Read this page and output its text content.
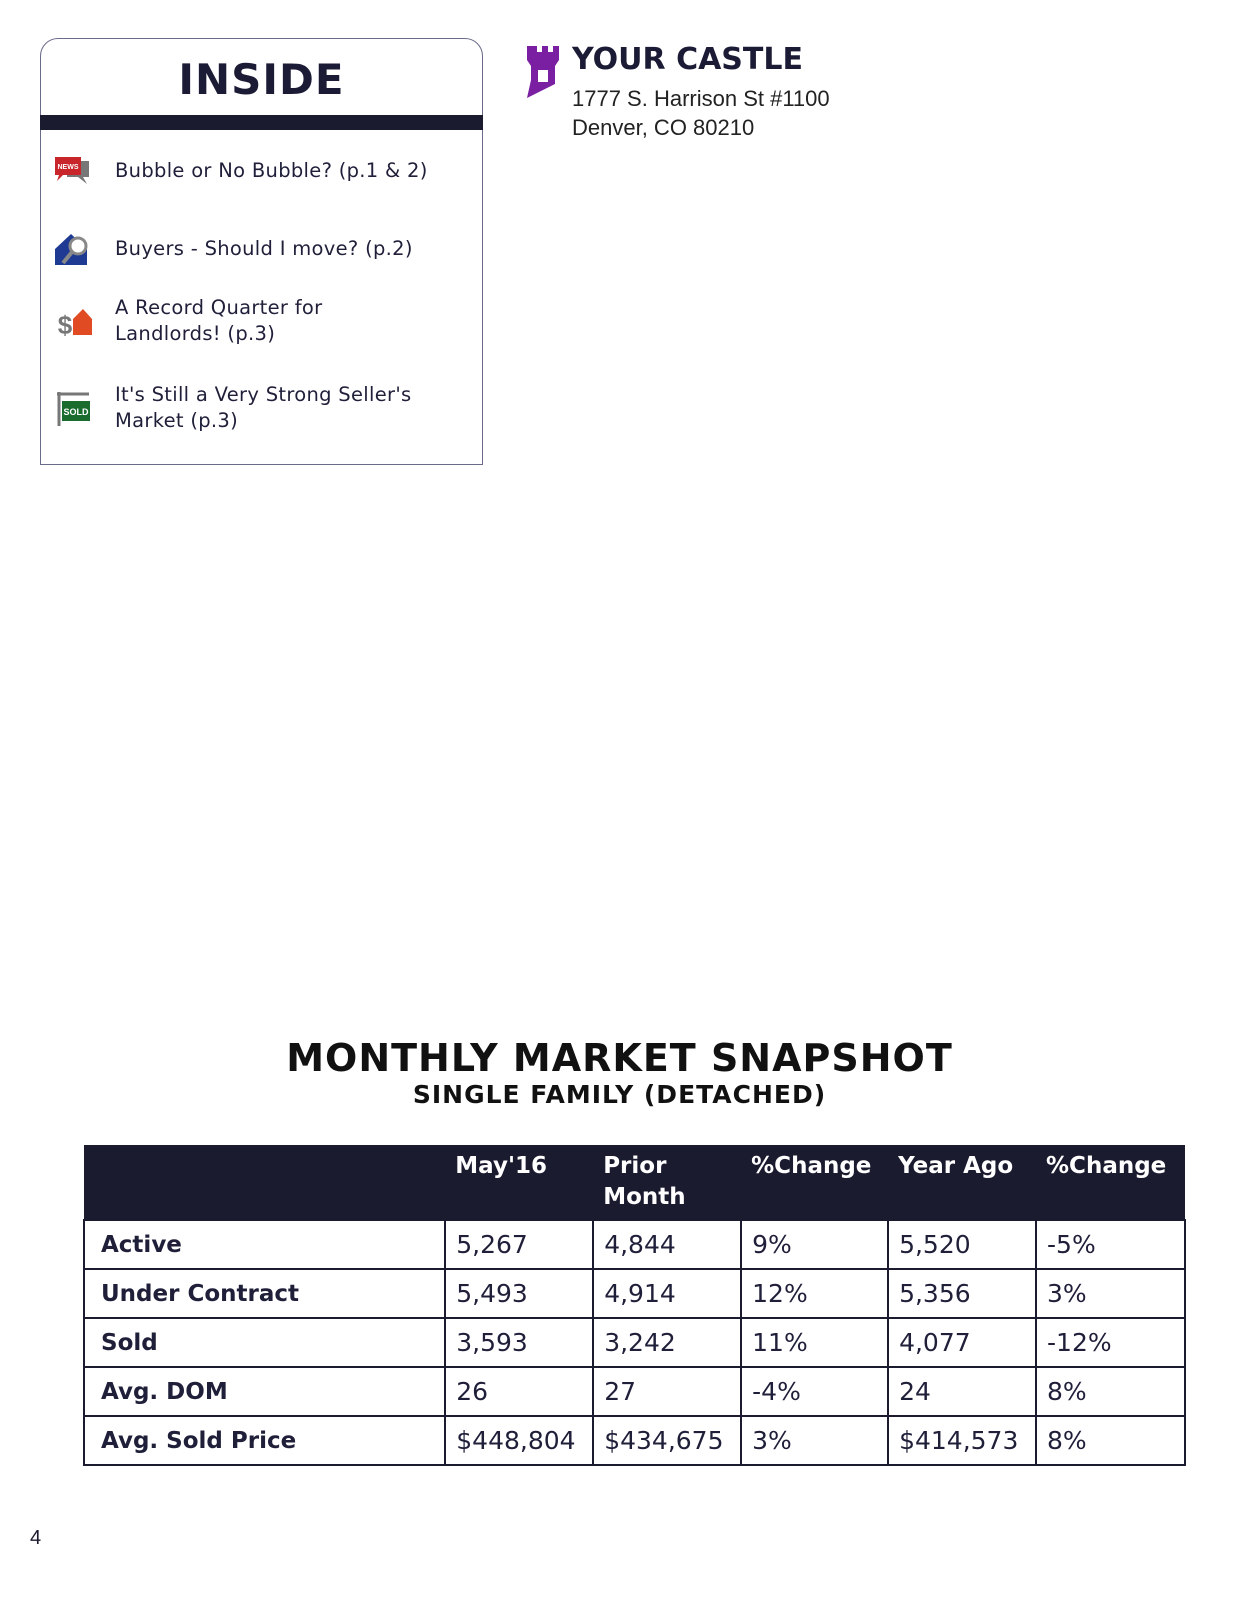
INSIDE
NEWS Bubble or No Bubble? (p.1 & 2)
Buyers - Should I move? (p.2)
$
A Record Quarter for Landlords! (p.3)
SOLD
It's Still a Very Strong Seller's Market (p.3)
YOUR CASTLE
1777 S. Harrison St #1100
Denver, CO 80210
MONTHLY MARKET SNAPSHOT
SINGLE FAMILY (DETACHED)
	May'16	Prior Month	%Change	Year Ago	%Change
Active	5,267	4,844	9%	5,520	-5%
Under Contract	5,493	4,914	12%	5,356	3%
Sold	3,593	3,242	11%	4,077	-12%
Avg. DOM	26	27	-4%	24	8%
Avg. Sold Price	$448,804	$434,675	3%	$414,573	8%
4
